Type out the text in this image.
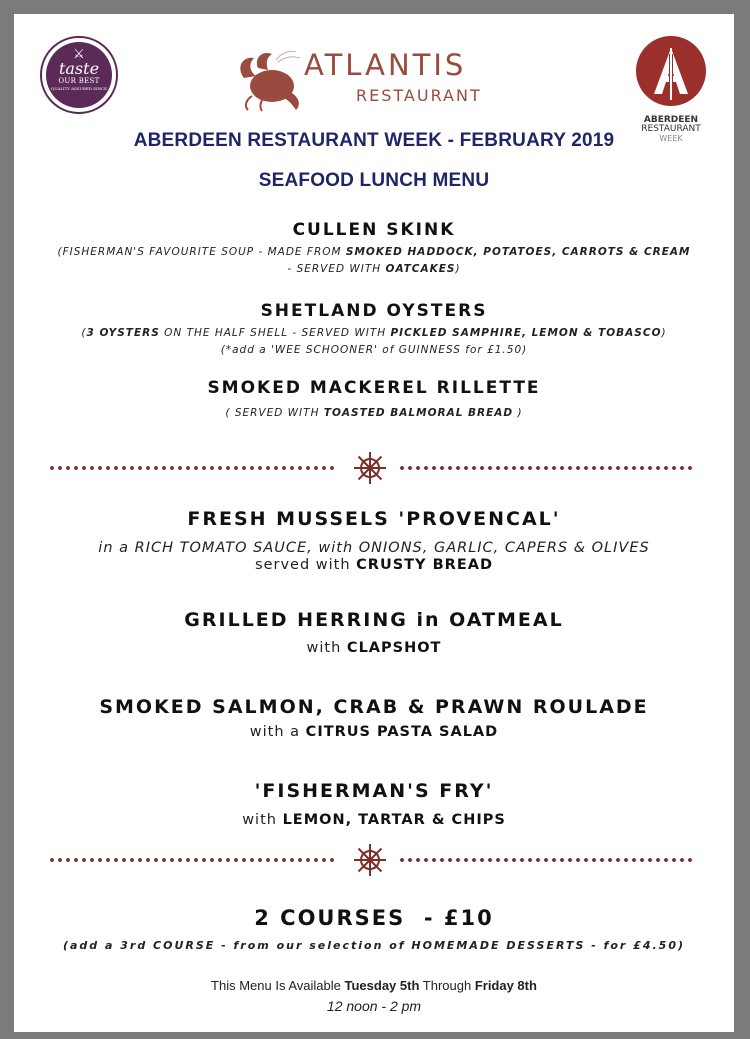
⚔
taste
OUR BEST
QUALITY ASSURED SINCE
ATLANTIS
RESTAURANT
ABERDEEN
RESTAURANT
WEEK
ABERDEEN RESTAURANT WEEK - FEBRUARY 2019
SEAFOOD LUNCH MENU
CULLEN SKINK
(FISHERMAN'S FAVOURITE SOUP - MADE FROM SMOKED HADDOCK, POTATOES, CARROTS & CREAM
- SERVED WITH OATCAKES)
SHETLAND OYSTERS
(3 OYSTERS ON THE HALF SHELL - SERVED WITH PICKLED SAMPHIRE, LEMON & TOBASCO)
(*add a 'WEE SCHOONER' of GUINNESS for £1.50)
SMOKED MACKEREL RILLETTE
( SERVED WITH TOASTED BALMORAL BREAD )
FRESH MUSSELS 'PROVENCAL'
in a RICH TOMATO SAUCE, with ONIONS, GARLIC, CAPERS & OLIVES
served with CRUSTY BREAD
GRILLED HERRING in OATMEAL
with CLAPSHOT
SMOKED SALMON, CRAB & PRAWN ROULADE
with a CITRUS PASTA SALAD
'FISHERMAN'S FRY'
with LEMON, TARTAR & CHIPS
2 COURSES  - £10
(add a 3rd COURSE - from our selection of HOMEMADE DESSERTS - for £4.50)
This Menu Is Available Tuesday 5th Through Friday 8th
12 noon - 2 pm
